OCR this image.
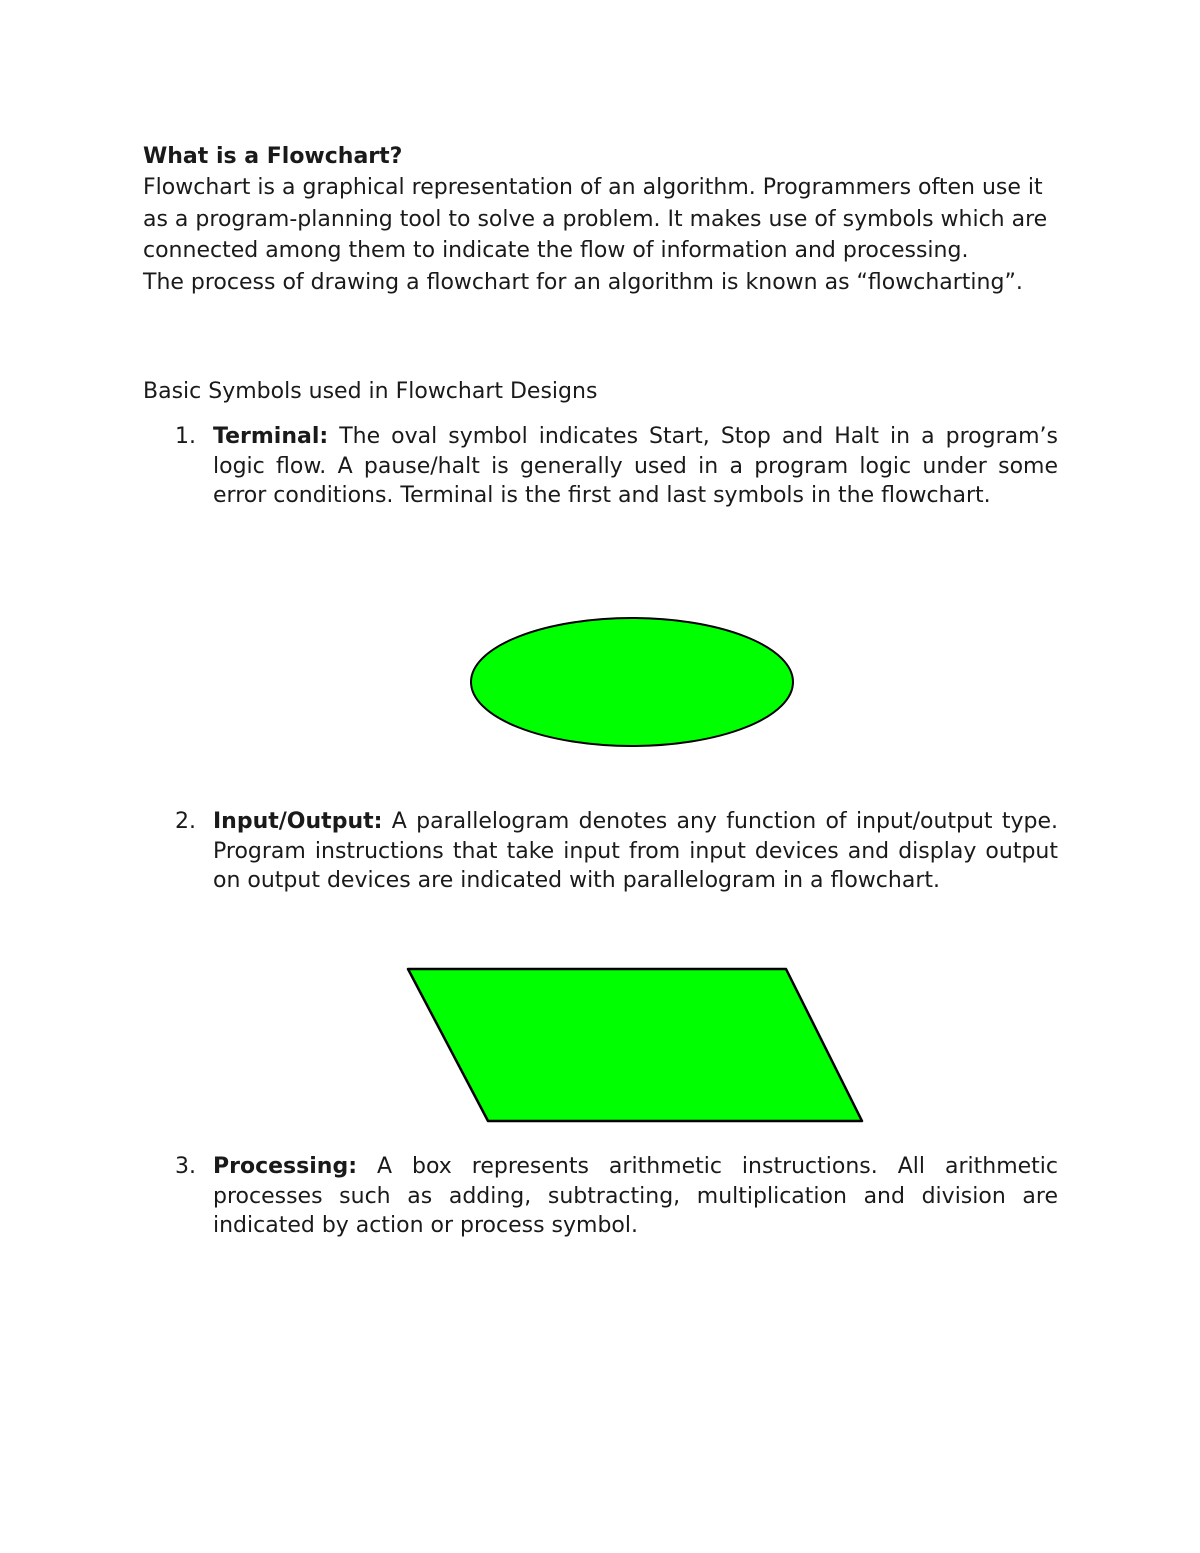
What is a Flowchart?

Flowchart is a graphical representation of an algorithm. Programmers often use it as a program-planning tool to solve a problem. It makes use of symbols which are connected among them to indicate the flow of information and processing.

The process of drawing a flowchart for an algorithm is known as “flowcharting”.

Basic Symbols used in Flowchart Designs

1. Terminal: The oval symbol indicates Start, Stop and Halt in a program’s logic flow. A pause/halt is generally used in a program logic under some error conditions. Terminal is the first and last symbols in the flowchart.
2. Input/Output: A parallelogram denotes any function of input/output type. Program instructions that take input from input devices and display output on output devices are indicated with parallelogram in a flowchart.
3. Processing: A box represents arithmetic instructions. All arithmetic processes such as adding, subtracting, multiplication and division are indicated by action or process symbol.
